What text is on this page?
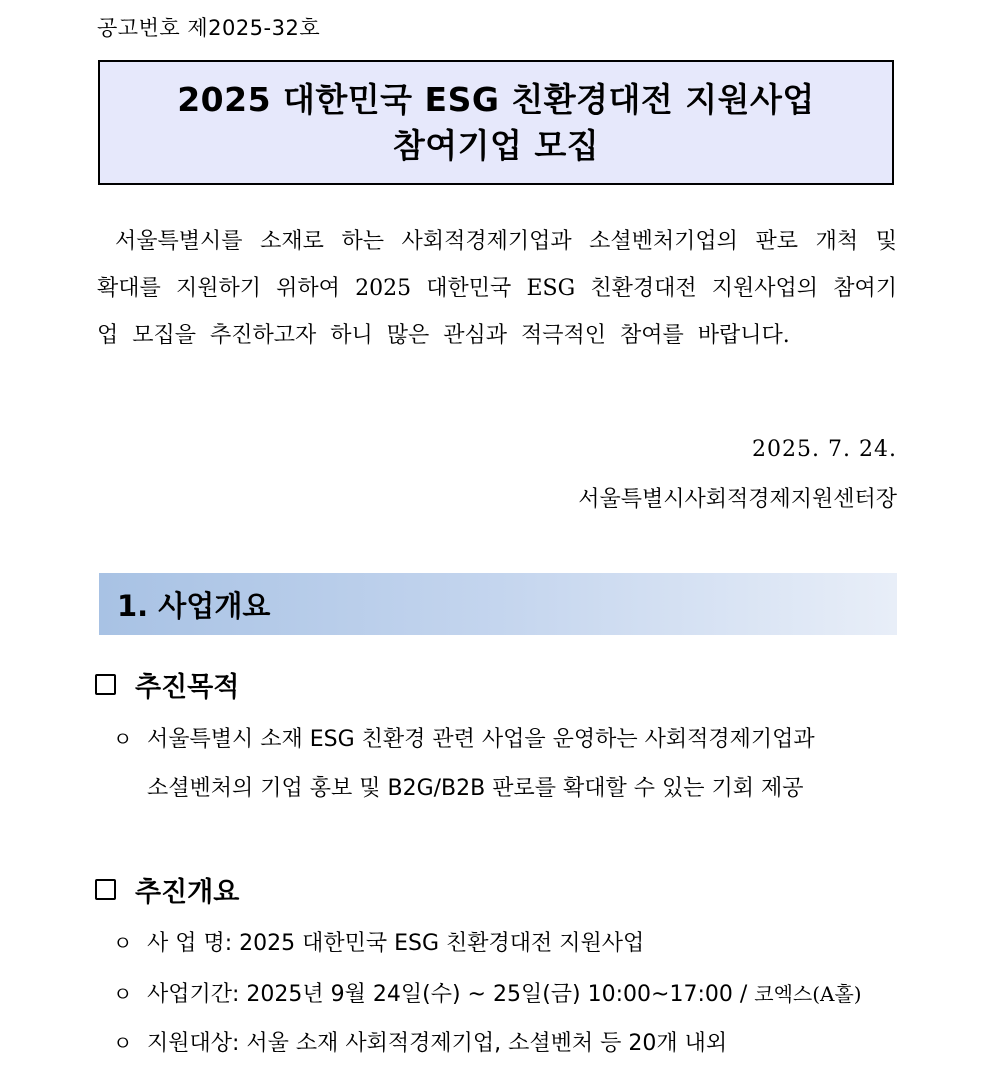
공고번호 제2025-32호
2025 대한민국 ESG 친환경대전 지원사업
참여기업 모집
서울특별시를 소재로 하는 사회적경제기업과 소셜벤처기업의 판로 개척 및 확대를 지원하기 위하여 2025 대한민국 ESG 친환경대전 지원사업의 참여기업 모집을 추진하고자 하니 많은 관심과 적극적인 참여를 바랍니다.
2025. 7. 24.
서울특별시사회적경제지원센터장
1. 사업개요
추진목적
ㅇ 서울특별시 소재 ESG 친환경 관련 사업을 운영하는 사회적경제기업과
소셜벤처의 기업 홍보 및 B2G/B2B 판로를 확대할 수 있는 기회 제공
추진개요
ㅇ 사 업 명: 2025 대한민국 ESG 친환경대전 지원사업
ㅇ 사업기간: 2025년 9월 24일(수) ~ 25일(금) 10:00~17:00 / 코엑스(A홀)
ㅇ 지원대상: 서울 소재 사회적경제기업, 소셜벤처 등 20개 내외
